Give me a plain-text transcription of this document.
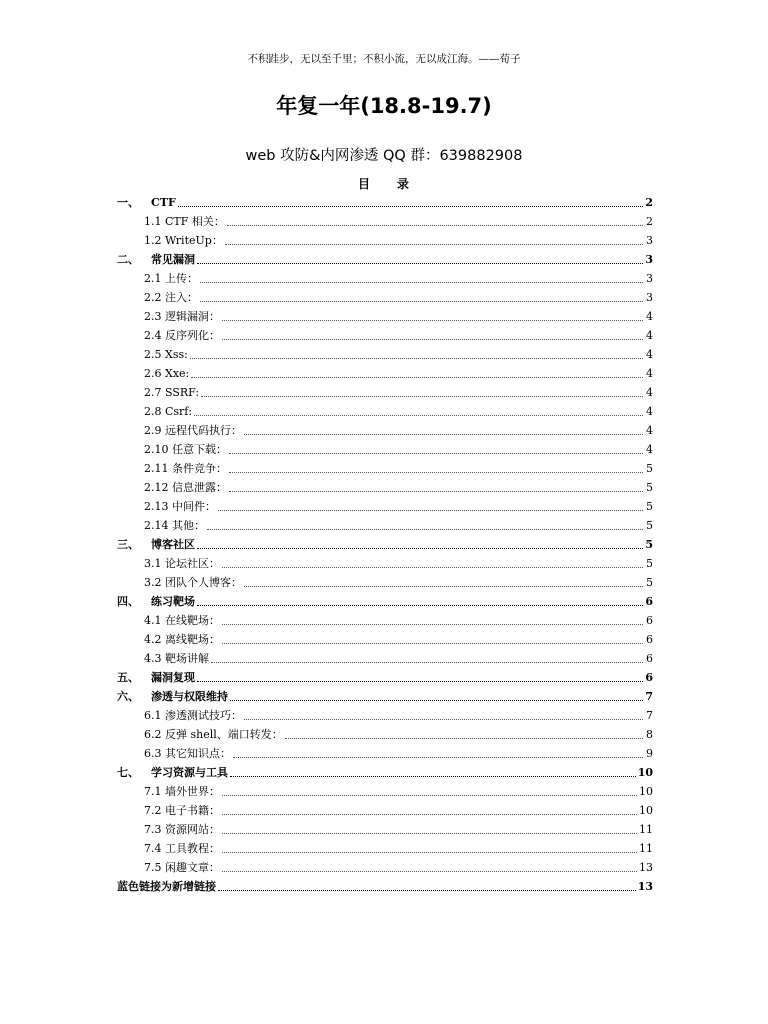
不积跬步，无以至千里；不积小流，无以成江海。——荀子
年复一年(18.8-19.7)
web 攻防&内网渗透 QQ 群：639882908
目　　录
一、	CTF	2
1.1 CTF 相关：	2
1.2 WriteUp：	3
二、	常见漏洞	3
2.1 上传：	3
2.2 注入：	3
2.3 逻辑漏洞：	4
2.4 反序列化：	4
2.5 Xss:	4
2.6 Xxe:	4
2.7 SSRF:	4
2.8 Csrf:	4
2.9 远程代码执行：	4
2.10 任意下载：	4
2.11 条件竞争：	5
2.12 信息泄露：	5
2.13 中间件：	5
2.14 其他：	5
三、	博客社区	5
3.1 论坛社区：	5
3.2 团队个人博客：	5
四、	练习靶场	6
4.1 在线靶场：	6
4.2 离线靶场：	6
4.3 靶场讲解	6
五、	漏洞复现	6
六、	渗透与权限维持	7
6.1 渗透测试技巧：	7
6.2 反弹 shell、端口转发：	8
6.3 其它知识点：	9
七、	学习资源与工具	10
7.1 墙外世界：	10
7.2 电子书籍：	10
7.3 资源网站：	11
7.4 工具教程：	11
7.5 闲趣文章：	13
蓝色链接为新增链接	13
